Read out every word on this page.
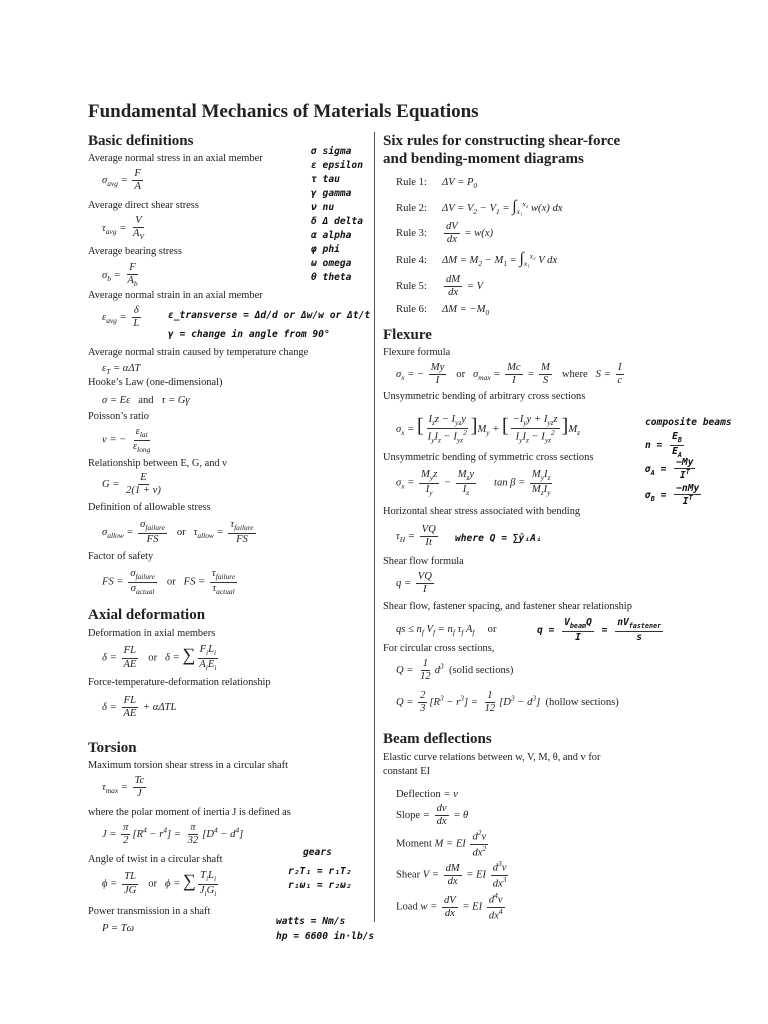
Fundamental Mechanics of Materials Equations
Basic definitions
Average normal stress in an axial member
$\sigma_{avg} = \frac{F}{A}$
Average direct shear stress
$\tau_{avg} = \frac{V}{A_V}$
Average bearing stress
$\sigma_b = \frac{F}{A_b}$
Average normal strain in an axial member
$\varepsilon_{avg} = \frac{\delta}{L}$	ε_transverse = Δd/d or Δw/w or Δt/t
γ = change in angle from 90°
Average normal strain caused by temperature change
$\varepsilon_T = \alpha\Delta T$
Hooke’s Law (one-dimensional)
σ = Eε   and   τ = Gγ
Poisson’s ratio
ν = − $\frac{\varepsilon_{lat}}{\varepsilon_{long}}$
Relationship between E, G, and ν
$G = \frac{E}{2(1 + \nu)}$
Definition of allowable stress
$\sigma_{allow} = \frac{\sigma_{failure}}{FS}$ or   $\tau_{allow} = \frac{\tau_{failure}}{FS}$
Factor of safety
FS = $\frac{\sigma_{failure}}{\sigma_{actual}}$ or   FS = $\frac{\tau_{failure}}{\tau_{actual}}$
σ sigma
ε epsilon
τ tau
γ gamma
ν nu
δ Δ delta
α alpha
φ phi
ω omega
θ theta
Axial deformation
Deformation in axial members
$\delta = \frac{FL}{AE}$ or   δ = ∑ $\frac{F_iL_i}{A_iE_i}$
Force-temperature-deformation relationship
$\delta = \frac{FL}{AE} + \alpha\Delta TL$
Torsion
Maximum torsion shear stress in a circular shaft
$\tau_{max} = \frac{Tc}{J}$
where the polar moment of inertia J is defined as
$J = \frac{\pi}{2} [R^4 - r^4] = \frac{\pi}{32} [D^4 - d^4]$
Angle of twist in a circular shaft
$\phi = \frac{TL}{JG}$ or   ϕ = ∑ $\frac{T_iL_i}{J_iG_i}$
Power transmission in a shaft
P = Tω
gears
r₂T₁ = r₁T₂
r₁ω₁ = r₂ω₂
watts = Nm/s
hp = 6600 in·lb/s
Six rules for constructing shear-force
and bending-moment diagrams
Rule 1: $\Delta V = P_0$
Rule 2: $\Delta V = V_2 - V_1 = \int_{x_1}^{x_2}$ w(x) dx
Rule 3: $\frac{dV}{dx} = w(x)$
Rule 4: $\Delta M = M_2 - M_1 = \int_{x_1}^{x_2}$ V dx
Rule 5: $\frac{dM}{dx} = V$
Rule 6: $\Delta M = -M_0$
Flexure
Flexure formula
$\sigma_x$ = − $\frac{My}{I}$ or   $\sigma_{max} = \frac{Mc}{I} = \frac{M}{S}$ where   $S = \frac{I}{c}$
Unsymmetric bending of arbitrary cross sections
$\sigma_x$ = [ $\frac{I_zz - I_{yz}y}{I_yI_z - I_{yz}^2} ]M_y$ + [ $\frac{-I_yy + I_{yz}z}{I_yI_z - I_{yz}^2} ]M_z$
Unsymmetric bending of symmetric cross sections
$\sigma_x = \frac{M_yz}{I_y} - \frac{M_zy}{I_z}$ $\tan \beta = \frac{M_yI_z}{M_zI_y}$
Horizontal shear stress associated with bending
$\tau_H = \frac{VQ}{It}$ where Q = ∑ȳᵢAᵢ
Shear flow formula
$q = \frac{VQ}{I}$
Shear flow, fastener spacing, and fastener shear relationship
qs ≤ $n_f$ $V_f = n_f$ $\tau_f$ $A_f$ or	$q = \frac{V_{beam}Q}{I} = \frac{nV_{fastener}}{s}$
For circular cross sections,
$Q = \frac{1}{12} d^3$ (solid sections)
$Q = \frac{2}{3} [R^3 - r^3] = \frac{1}{12} [D^3 - d^3]$  (hollow sections)
composite beams
$n = \frac{E_B}{E_A}$
$\sigma_A = \frac{-My}{I^T}$
$\sigma_B = \frac{\text{−nMy}}{I^T}$
Beam deflections
Elastic curve relations between w, V, M, θ, and v for
constant EI
Deflection = v
Slope = $\frac{dv}{dx} = \theta$
Moment M = EI $\frac{d^2v}{dx^2}$
Shear $V = \frac{dM}{dx}$ = EI $\frac{d^3v}{dx^3}$
Load $w = \frac{dV}{dx}$ = EI $\frac{d^4v}{dx^4}$
